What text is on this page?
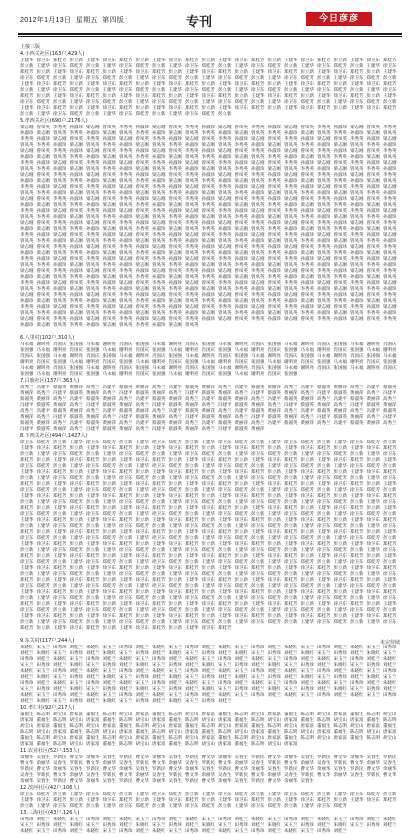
2012年1月13日 星期五 第四版	专刊	今日彦彦
上接三版
4.小西关社区(163户,429人)
王建华 徐卫东 郑桂芳 彭立新 王建华 徐卫东 郑桂芳 彭立新 王建华 徐卫东 郑桂芳 彭立新 王建华 徐卫东 郑桂芳 彭立新 王建华 徐卫东 郑桂芳 彭立新 王建华 徐卫东 郑桂芳彭立新 王建华 徐卫东 郑桂芳 彭立新 王建华 徐卫东 郑桂芳 彭立新 王建华 徐卫东 郑桂芳 彭立新 王建华 徐卫东 郑桂芳 彭立新 王建华 徐卫东 郑桂芳 彭立新 王建华 徐卫东郑桂芳 彭立新 王建华 徐卫东 郑桂芳 彭立新 王建华 徐卫东 郑桂芳 彭立新 王建华 徐卫东 郑桂芳 彭立新 王建华 徐卫东 郑桂芳 彭立新 王建华 徐卫东 郑桂芳 彭立新 王建华徐卫东 郑桂芳 彭立新 王建华 徐卫东 郑桂芳 彭立新 王建华 徐卫东 郑桂芳 彭立新 王建华 徐卫东 郑桂芳 彭立新 王建华 徐卫东 郑桂芳 彭立新 王建华 徐卫东 郑桂芳 彭立新王建华 徐卫东 郑桂芳 彭立新 王建华 徐卫东 郑桂芳 彭立新 王建华 徐卫东 郑桂芳 彭立新 王建华 徐卫东 郑桂芳 彭立新 王建华 徐卫东 郑桂芳 彭立新 王建华 徐卫东 郑桂芳彭立新 王建华 徐卫东 郑桂芳 彭立新 王建华 徐卫东 郑桂芳 彭立新 王建华 徐卫东 郑桂芳 彭立新 王建华 徐卫东 郑桂芳 彭立新 王建华 徐卫东 郑桂芳 彭立新 王建华 徐卫东郑桂芳 彭立新 王建华 徐卫东 郑桂芳 彭立新 王建华 徐卫东 郑桂芳 彭立新 王建华 徐卫东 郑桂芳 彭立新 王建华 徐卫东 郑桂芳 彭立新 王建华 徐卫东 郑桂芳 彭立新 王建华徐卫东 郑桂芳 彭立新 王建华 徐卫东 郑桂芳 彭立新 王建华 徐卫东 郑桂芳 彭立新 王建华 徐卫东 郑桂芳 彭立新 王建华 徐卫东 郑桂芳 彭立新 王建华 徐卫东 郑桂芳 彭立新王建华 徐卫东 郑桂芳 彭立新 王建华 徐卫东 郑桂芳 彭立新 王建华 徐卫东 郑桂芳 彭立新 王建华 徐卫东 郑桂芳 彭立新 王建华 徐卫东 郑桂芳 彭立新 王建华 徐卫东 郑桂芳彭立新 王建华 徐卫东 郑桂芳 彭立新 王建华 徐卫东 郑桂芳 彭立新 王建华 徐卫东 郑桂芳 彭立新
5.孝西关社区(690户,2176人)
梁志刚 曾凤英 李秀英 孙淑珍 梁志刚 曾凤英 李秀英 孙淑珍 梁志刚 曾凤英 李秀英 孙淑珍 梁志刚 曾凤英 李秀英 孙淑珍 梁志刚 曾凤英 李秀英 孙淑珍 梁志刚 曾凤英 李秀英孙淑珍 梁志刚 曾凤英 李秀英 孙淑珍 梁志刚 曾凤英 李秀英 孙淑珍 梁志刚 曾凤英 李秀英 孙淑珍 梁志刚 曾凤英 李秀英 孙淑珍 梁志刚 曾凤英 李秀英 孙淑珍 梁志刚 曾凤英李秀英 孙淑珍 梁志刚 曾凤英 李秀英 孙淑珍 梁志刚 曾凤英 李秀英 孙淑珍 梁志刚 曾凤英 李秀英 孙淑珍 梁志刚 曾凤英 李秀英 孙淑珍 梁志刚 曾凤英 李秀英 孙淑珍 梁志刚曾凤英 李秀英 孙淑珍 梁志刚 曾凤英 李秀英 孙淑珍 梁志刚 曾凤英 李秀英 孙淑珍 梁志刚 曾凤英 李秀英 孙淑珍 梁志刚 曾凤英 李秀英 孙淑珍 梁志刚 曾凤英 李秀英 孙淑珍梁志刚 曾凤英 李秀英 孙淑珍 梁志刚 曾凤英 李秀英 孙淑珍 梁志刚 曾凤英 李秀英 孙淑珍 梁志刚 曾凤英 李秀英 孙淑珍 梁志刚 曾凤英 李秀英 孙淑珍 梁志刚 曾凤英 李秀英孙淑珍 梁志刚 曾凤英 李秀英 孙淑珍 梁志刚 曾凤英 李秀英 孙淑珍 梁志刚 曾凤英 李秀英 孙淑珍 梁志刚 曾凤英 李秀英 孙淑珍 梁志刚 曾凤英 李秀英 孙淑珍 梁志刚 曾凤英李秀英 孙淑珍 梁志刚 曾凤英 李秀英 孙淑珍 梁志刚 曾凤英 李秀英 孙淑珍 梁志刚 曾凤英 李秀英 孙淑珍 梁志刚 曾凤英 李秀英 孙淑珍 梁志刚 曾凤英 李秀英 孙淑珍 梁志刚曾凤英 李秀英 孙淑珍 梁志刚 曾凤英 李秀英 孙淑珍 梁志刚 曾凤英 李秀英 孙淑珍 梁志刚 曾凤英 李秀英 孙淑珍 梁志刚 曾凤英 李秀英 孙淑珍 梁志刚 曾凤英 李秀英 孙淑珍梁志刚 曾凤英 李秀英 孙淑珍 梁志刚 曾凤英 李秀英 孙淑珍 梁志刚 曾凤英 李秀英 孙淑珍 梁志刚 曾凤英 李秀英 孙淑珍 梁志刚 曾凤英 李秀英 孙淑珍 梁志刚 曾凤英 李秀英孙淑珍 梁志刚 曾凤英 李秀英 孙淑珍 梁志刚 曾凤英 李秀英 孙淑珍 梁志刚 曾凤英 李秀英 孙淑珍 梁志刚 曾凤英 李秀英 孙淑珍 梁志刚 曾凤英 李秀英 孙淑珍 梁志刚 曾凤英李秀英 孙淑珍 梁志刚 曾凤英 李秀英 孙淑珍 梁志刚 曾凤英 李秀英 孙淑珍 梁志刚 曾凤英 李秀英 孙淑珍 梁志刚 曾凤英 李秀英 孙淑珍 梁志刚 曾凤英 李秀英 孙淑珍 梁志刚曾凤英 李秀英 孙淑珍 梁志刚 曾凤英 李秀英 孙淑珍 梁志刚 曾凤英 李秀英 孙淑珍 梁志刚 曾凤英 李秀英 孙淑珍 梁志刚 曾凤英 李秀英 孙淑珍 梁志刚 曾凤英 李秀英 孙淑珍梁志刚 曾凤英 李秀英 孙淑珍 梁志刚 曾凤英 李秀英 孙淑珍 梁志刚 曾凤英 李秀英 孙淑珍 梁志刚 曾凤英 李秀英 孙淑珍 梁志刚 曾凤英 李秀英 孙淑珍 梁志刚 曾凤英 李秀英孙淑珍 梁志刚 曾凤英 李秀英 孙淑珍 梁志刚 曾凤英 李秀英 孙淑珍 梁志刚 曾凤英 李秀英 孙淑珍 梁志刚 曾凤英 李秀英 孙淑珍 梁志刚 曾凤英 李秀英 孙淑珍 梁志刚 曾凤英李秀英 孙淑珍 梁志刚 曾凤英 李秀英 孙淑珍 梁志刚 曾凤英 李秀英 孙淑珍 梁志刚 曾凤英 李秀英 孙淑珍 梁志刚 曾凤英 李秀英 孙淑珍 梁志刚 曾凤英 李秀英 孙淑珍 梁志刚曾凤英 李秀英 孙淑珍 梁志刚 曾凤英 李秀英 孙淑珍 梁志刚 曾凤英 李秀英 孙淑珍 梁志刚 曾凤英 李秀英 孙淑珍 梁志刚 曾凤英 李秀英 孙淑珍 梁志刚 曾凤英 李秀英 孙淑珍梁志刚 曾凤英 李秀英 孙淑珍 梁志刚 曾凤英 李秀英 孙淑珍 梁志刚 曾凤英 李秀英 孙淑珍 梁志刚 曾凤英 李秀英 孙淑珍 梁志刚 曾凤英 李秀英 孙淑珍 梁志刚 曾凤英 李秀英孙淑珍 梁志刚 曾凤英 李秀英 孙淑珍 梁志刚 曾凤英 李秀英 孙淑珍 梁志刚 曾凤英 李秀英 孙淑珍 梁志刚 曾凤英 李秀英 孙淑珍 梁志刚 曾凤英 李秀英 孙淑珍 梁志刚 曾凤英李秀英 孙淑珍 梁志刚 曾凤英 李秀英 孙淑珍 梁志刚 曾凤英 李秀英 孙淑珍 梁志刚 曾凤英 李秀英 孙淑珍 梁志刚 曾凤英 李秀英 孙淑珍 梁志刚 曾凤英 李秀英 孙淑珍 梁志刚曾凤英 李秀英 孙淑珍 梁志刚 曾凤英 李秀英 孙淑珍 梁志刚 曾凤英 李秀英 孙淑珍 梁志刚 曾凤英 李秀英 孙淑珍 梁志刚 曾凤英 李秀英 孙淑珍 梁志刚 曾凤英 李秀英 孙淑珍梁志刚 曾凤英 李秀英 孙淑珍 梁志刚 曾凤英 李秀英 孙淑珍 梁志刚 曾凤英 李秀英 孙淑珍 梁志刚 曾凤英 李秀英 孙淑珍 梁志刚 曾凤英 李秀英 孙淑珍 梁志刚 曾凤英 李秀英孙淑珍 梁志刚 曾凤英 李秀英 孙淑珍 梁志刚 曾凤英 李秀英 孙淑珍 梁志刚 曾凤英 李秀英 孙淑珍 梁志刚 曾凤英 李秀英 孙淑珍 梁志刚 曾凤英 李秀英 孙淑珍 梁志刚 曾凤英李秀英 孙淑珍 梁志刚 曾凤英 李秀英 孙淑珍 梁志刚 曾凤英 李秀英 孙淑珍 梁志刚 曾凤英 李秀英 孙淑珍 梁志刚 曾凤英 李秀英 孙淑珍 梁志刚 曾凤英 李秀英 孙淑珍 梁志刚曾凤英 李秀英 孙淑珍 梁志刚 曾凤英 李秀英 孙淑珍 梁志刚 曾凤英 李秀英 孙淑珍 梁志刚 曾凤英 李秀英 孙淑珍 梁志刚 曾凤英 李秀英 孙淑珍 梁志刚 曾凤英 李秀英 孙淑珍梁志刚 曾凤英 李秀英 孙淑珍 梁志刚 曾凤英 李秀英 孙淑珍 梁志刚 曾凤英 李秀英 孙淑珍 梁志刚 曾凤英 李秀英 孙淑珍 梁志刚 曾凤英 李秀英 孙淑珍 梁志刚 曾凤英 李秀英孙淑珍 梁志刚 曾凤英 李秀英 孙淑珍 梁志刚 曾凤英 李秀英 孙淑珍 梁志刚 曾凤英 李秀英 孙淑珍 梁志刚 曾凤英 李秀英 孙淑珍 梁志刚 曾凤英 李秀英 孙淑珍 梁志刚 曾凤英李秀英 孙淑珍 梁志刚 曾凤英 李秀英 孙淑珍 梁志刚 曾凤英 李秀英 孙淑珍 梁志刚 曾凤英 李秀英 孙淑珍 梁志刚 曾凤英 李秀英 孙淑珍 梁志刚 曾凤英 李秀英 孙淑珍 梁志刚曾凤英 李秀英 孙淑珍 梁志刚 曾凤英 李秀英 孙淑珍 梁志刚 曾凤英 李秀英 孙淑珍 梁志刚 曾凤英 李秀英 孙淑珍 梁志刚 曾凤英 李秀英 孙淑珍 梁志刚 曾凤英 李秀英 孙淑珍梁志刚 曾凤英 李秀英 孙淑珍 梁志刚 曾凤英 李秀英 孙淑珍 梁志刚 曾凤英 李秀英 孙淑珍 梁志刚 曾凤英 李秀英 孙淑珍 梁志刚 曾凤英 李秀英 孙淑珍 梁志刚 曾凤英 李秀英孙淑珍 梁志刚 曾凤英 李秀英 孙淑珍 梁志刚 曾凤英 李秀英 孙淑珍 梁志刚 曾凤英 李秀英 孙淑珍 梁志刚 曾凤英 李秀英 孙淑珍 梁志刚 曾凤英 李秀英 孙淑珍 梁志刚 曾凤英李秀英 孙淑珍 梁志刚 曾凤英 李秀英 孙淑珍 梁志刚 曾凤英 李秀英 孙淑珍 梁志刚 曾凤英 李秀英 孙淑珍 梁志刚 曾凤英 李秀英 孙淑珍 梁志刚 曾凤英 李秀英 孙淑珍 梁志刚曾凤英 李秀英 孙淑珍 梁志刚 曾凤英 李秀英 孙淑珍 梁志刚 曾凤英 李秀英 孙淑珍 梁志刚 曾凤英 李秀英 孙淑珍 梁志刚 曾凤英 李秀英 孙淑珍 梁志刚 曾凤英 李秀英 孙淑珍梁志刚 曾凤英 李秀英 孙淑珍 梁志刚 曾凤英 李秀英 孙淑珍 梁志刚 曾凤英 李秀英 孙淑珍 梁志刚 曾凤英 李秀英 孙淑珍 梁志刚 曾凤英 李秀英 孙淑珍 梁志刚 曾凤英 李秀英孙淑珍 梁志刚 曾凤英 李秀英 孙淑珍 梁志刚 曾凤英 李秀英 孙淑珍 梁志刚 曾凤英
6.八里村(102户,310人)
马永福 谢明亮 肖国庆 张国强 马永福 谢明亮 肖国庆 张国强 马永福 谢明亮 肖国庆 张国强 马永福 谢明亮 肖国庆 张国强 马永福 谢明亮 肖国庆 张国强 马永福 谢明亮 肖国庆张国强 马永福 谢明亮 肖国庆 张国强 马永福 谢明亮 肖国庆 张国强 马永福 谢明亮 肖国庆 张国强 马永福 谢明亮 肖国庆 张国强 马永福 谢明亮 肖国庆 张国强 马永福 谢明亮肖国庆 张国强 马永福 谢明亮 肖国庆 张国强 马永福 谢明亮 肖国庆 张国强 马永福 谢明亮 肖国庆 张国强 马永福 谢明亮 肖国庆 张国强 马永福 谢明亮 肖国庆 张国强 马永福谢明亮 肖国庆 张国强 马永福 谢明亮 肖国庆 张国强 马永福 谢明亮 肖国庆 张国强 马永福 谢明亮 肖国庆 张国强 马永福 谢明亮 肖国庆 张国强 马永福 谢明亮 肖国庆 张国强马永福 谢明亮 肖国庆 张国强 马永福 谢明亮 肖国庆 张国强 马永福 谢明亮 肖国庆 张国强 马永福 谢明亮 肖国庆 张国强 马永福 谢明亮 肖国庆 张国强 马永福 谢明亮 肖国庆张国强 马永福 谢明亮 肖国庆 张国强 马永福 谢明亮 肖国庆 张国强 马永福 谢明亮 肖国庆 张国强 马永福 谢明亮 肖国庆 张国强
7.白鹿社区(137户,363人)
高秀兰 冯建平 蔡淑英 黄丽萍 高秀兰 冯建平 蔡淑英 黄丽萍 高秀兰 冯建平 蔡淑英 黄丽萍 高秀兰 冯建平 蔡淑英 黄丽萍 高秀兰 冯建平 蔡淑英 黄丽萍 高秀兰 冯建平 蔡淑英黄丽萍 高秀兰 冯建平 蔡淑英 黄丽萍 高秀兰 冯建平 蔡淑英 黄丽萍 高秀兰 冯建平 蔡淑英 黄丽萍 高秀兰 冯建平 蔡淑英 黄丽萍 高秀兰 冯建平 蔡淑英 黄丽萍 高秀兰 冯建平蔡淑英 黄丽萍 高秀兰 冯建平 蔡淑英 黄丽萍 高秀兰 冯建平 蔡淑英 黄丽萍 高秀兰 冯建平 蔡淑英 黄丽萍 高秀兰 冯建平 蔡淑英 黄丽萍 高秀兰 冯建平 蔡淑英 黄丽萍 高秀兰冯建平 蔡淑英 黄丽萍 高秀兰 冯建平 蔡淑英 黄丽萍 高秀兰 冯建平 蔡淑英 黄丽萍 高秀兰 冯建平 蔡淑英 黄丽萍 高秀兰 冯建平 蔡淑英 黄丽萍 高秀兰 冯建平 蔡淑英 黄丽萍高秀兰 冯建平 蔡淑英 黄丽萍 高秀兰 冯建平 蔡淑英 黄丽萍 高秀兰 冯建平 蔡淑英 黄丽萍 高秀兰 冯建平 蔡淑英 黄丽萍 高秀兰 冯建平 蔡淑英 黄丽萍 高秀兰 冯建平 蔡淑英黄丽萍 高秀兰 冯建平 蔡淑英 黄丽萍 高秀兰 冯建平 蔡淑英 黄丽萍 高秀兰 冯建平 蔡淑英 黄丽萍 高秀兰 冯建平 蔡淑英 黄丽萍 高秀兰 冯建平 蔡淑英 黄丽萍 高秀兰 冯建平蔡淑英 黄丽萍 高秀兰 冯建平 蔡淑英 黄丽萍 高秀兰 冯建平 蔡淑英 黄丽萍 高秀兰 冯建平 蔡淑英 黄丽萍 高秀兰 冯建平 蔡淑英 黄丽萍 高秀兰 冯建平 蔡淑英 黄丽萍 高秀兰冯建平 蔡淑英 黄丽萍 高秀兰 冯建平 蔡淑英 黄丽萍 高秀兰 冯建平 蔡淑英 黄丽萍 高秀兰 冯建平 蔡淑英 黄丽萍
8.下西关社区(494户,1427人)
徐卫东 郑桂芳 彭立新 王建华 徐卫东 郑桂芳 彭立新 王建华 徐卫东 郑桂芳 彭立新 王建华 徐卫东 郑桂芳 彭立新 王建华 徐卫东 郑桂芳 彭立新 王建华 徐卫东 郑桂芳 彭立新王建华 徐卫东 郑桂芳 彭立新 王建华 徐卫东 郑桂芳 彭立新 王建华 徐卫东 郑桂芳 彭立新 王建华 徐卫东 郑桂芳 彭立新 王建华 徐卫东 郑桂芳 彭立新 王建华 徐卫东 郑桂芳彭立新 王建华 徐卫东 郑桂芳 彭立新 王建华 徐卫东 郑桂芳 彭立新 王建华 徐卫东 郑桂芳 彭立新 王建华 徐卫东 郑桂芳 彭立新 王建华 徐卫东 郑桂芳 彭立新 王建华 徐卫东郑桂芳 彭立新 王建华 徐卫东 郑桂芳 彭立新 王建华 徐卫东 郑桂芳 彭立新 王建华 徐卫东 郑桂芳 彭立新 王建华 徐卫东 郑桂芳 彭立新 王建华 徐卫东 郑桂芳 彭立新 王建华徐卫东 郑桂芳 彭立新 王建华 徐卫东 郑桂芳 彭立新 王建华 徐卫东 郑桂芳 彭立新 王建华 徐卫东 郑桂芳 彭立新 王建华 徐卫东 郑桂芳 彭立新 王建华 徐卫东 郑桂芳 彭立新王建华 徐卫东 郑桂芳 彭立新 王建华 徐卫东 郑桂芳 彭立新 王建华 徐卫东 郑桂芳 彭立新 王建华 徐卫东 郑桂芳 彭立新 王建华 徐卫东 郑桂芳 彭立新 王建华 徐卫东 郑桂芳彭立新 王建华 徐卫东 郑桂芳 彭立新 王建华 徐卫东 郑桂芳 彭立新 王建华 徐卫东 郑桂芳 彭立新 王建华 徐卫东 郑桂芳 彭立新 王建华 徐卫东 郑桂芳 彭立新 王建华 徐卫东郑桂芳 彭立新 王建华 徐卫东 郑桂芳 彭立新 王建华 徐卫东 郑桂芳 彭立新 王建华 徐卫东 郑桂芳 彭立新 王建华 徐卫东 郑桂芳 彭立新 王建华 徐卫东 郑桂芳 彭立新 王建华徐卫东 郑桂芳 彭立新 王建华 徐卫东 郑桂芳 彭立新 王建华 徐卫东 郑桂芳 彭立新 王建华 徐卫东 郑桂芳 彭立新 王建华 徐卫东 郑桂芳 彭立新 王建华 徐卫东 郑桂芳 彭立新王建华 徐卫东 郑桂芳 彭立新 王建华 徐卫东 郑桂芳 彭立新 王建华 徐卫东 郑桂芳 彭立新 王建华 徐卫东 郑桂芳 彭立新 王建华 徐卫东 郑桂芳 彭立新 王建华 徐卫东 郑桂芳彭立新 王建华 徐卫东 郑桂芳 彭立新 王建华 徐卫东 郑桂芳 彭立新 王建华 徐卫东 郑桂芳 彭立新 王建华 徐卫东 郑桂芳 彭立新 王建华 徐卫东 郑桂芳 彭立新 王建华 徐卫东郑桂芳 彭立新 王建华 徐卫东 郑桂芳 彭立新 王建华 徐卫东 郑桂芳 彭立新 王建华 徐卫东 郑桂芳 彭立新 王建华 徐卫东 郑桂芳 彭立新 王建华 徐卫东 郑桂芳 彭立新 王建华徐卫东 郑桂芳 彭立新 王建华 徐卫东 郑桂芳 彭立新 王建华 徐卫东 郑桂芳 彭立新 王建华 徐卫东 郑桂芳 彭立新 王建华 徐卫东 郑桂芳 彭立新 王建华 徐卫东 郑桂芳 彭立新王建华 徐卫东 郑桂芳 彭立新 王建华 徐卫东 郑桂芳 彭立新 王建华 徐卫东 郑桂芳 彭立新 王建华 徐卫东 郑桂芳 彭立新 王建华 徐卫东 郑桂芳 彭立新 王建华 徐卫东 郑桂芳彭立新 王建华 徐卫东 郑桂芳 彭立新 王建华 徐卫东 郑桂芳 彭立新 王建华 徐卫东 郑桂芳 彭立新 王建华 徐卫东 郑桂芳 彭立新 王建华 徐卫东 郑桂芳 彭立新 王建华 徐卫东郑桂芳 彭立新 王建华 徐卫东 郑桂芳 彭立新 王建华 徐卫东 郑桂芳 彭立新 王建华 徐卫东 郑桂芳 彭立新 王建华 徐卫东 郑桂芳 彭立新 王建华 徐卫东 郑桂芳 彭立新 王建华徐卫东 郑桂芳 彭立新 王建华 徐卫东 郑桂芳 彭立新 王建华 徐卫东 郑桂芳 彭立新 王建华 徐卫东 郑桂芳 彭立新 王建华 徐卫东 郑桂芳 彭立新 王建华 徐卫东 郑桂芳 彭立新王建华 徐卫东 郑桂芳 彭立新 王建华 徐卫东 郑桂芳 彭立新 王建华 徐卫东 郑桂芳 彭立新 王建华 徐卫东 郑桂芳 彭立新 王建华 徐卫东 郑桂芳 彭立新 王建华 徐卫东 郑桂芳彭立新 王建华 徐卫东 郑桂芳 彭立新 王建华 徐卫东 郑桂芳 彭立新 王建华 徐卫东 郑桂芳 彭立新 王建华 徐卫东 郑桂芳 彭立新 王建华 徐卫东 郑桂芳 彭立新 王建华 徐卫东郑桂芳 彭立新 王建华 徐卫东 郑桂芳 彭立新 王建华 徐卫东 郑桂芳 彭立新 王建华 徐卫东 郑桂芳 彭立新 王建华 徐卫东 郑桂芳 彭立新 王建华 徐卫东 郑桂芳 彭立新 王建华徐卫东 郑桂芳 彭立新 王建华 徐卫东 郑桂芳 彭立新 王建华 徐卫东 郑桂芳 彭立新 王建华 徐卫东 郑桂芳 彭立新 王建华 徐卫东 郑桂芳 彭立新 王建华 徐卫东 郑桂芳 彭立新王建华 徐卫东 郑桂芳 彭立新 王建华 徐卫东 郑桂芳 彭立新 王建华 徐卫东 郑桂芳 彭立新 王建华 徐卫东 郑桂芳 彭立新 王建华 徐卫东 郑桂芳 彭立新 王建华 徐卫东 郑桂芳彭立新 王建华 徐卫东 郑桂芳 彭立新 王建华 徐卫东 郑桂芳 彭立新 王建华 徐卫东 郑桂芳 彭立新 王建华 徐卫东 郑桂芳 彭立新 王建华 徐卫东 郑桂芳 彭立新 王建华 徐卫东郑桂芳 彭立新 王建华 徐卫东 郑桂芳 彭立新 王建华 徐卫东 郑桂芳 彭立新 王建华 徐卫东 郑桂芳 彭立新 王建华 徐卫东 郑桂芳 彭立新 王建华 徐卫东 郑桂芳 彭立新 王建华徐卫东 郑桂芳 彭立新 王建华 徐卫东 郑桂芳 彭立新 王建华 徐卫东 郑桂芳 彭立新 王建华 徐卫东 郑桂芳 彭立新 王建华 徐卫东 郑桂芳 彭立新 王建华 徐卫东 郑桂芳 彭立新王建华 徐卫东 郑桂芳 彭立新 王建华 徐卫东 郑桂芳 彭立新 王建华 徐卫东 郑桂芳 彭立新 王建华 徐卫东 郑桂芳 彭立新 王建华 徐卫东 郑桂芳 彭立新 王建华 徐卫东 郑桂芳彭立新 王建华 徐卫东 郑桂芳 彭立新 王建华 徐卫东 郑桂芳 彭立新 王建华 徐卫东 郑桂芳 彭立新 王建华 徐卫东 郑桂芳 彭立新 王建华 徐卫东 郑桂芳 彭立新 王建华 徐卫东郑桂芳 彭立新 王建华 徐卫东 郑桂芳 彭立新 王建华 徐卫东 郑桂芳 彭立新 王建华 徐卫东 郑桂芳 彭立新 王建华 徐卫东 郑桂芳 彭立新 王建华 徐卫东 郑桂芳 彭立新 王建华徐卫东 郑桂芳 彭立新 王建华 徐卫东 郑桂芳 彭立新 王建华 徐卫东 郑桂芳 彭立新 王建华 徐卫东 郑桂芳 彭立新 王建华 徐卫东 郑桂芳 彭立新 王建华 徐卫东 郑桂芳 彭立新王建华 徐卫东 郑桂芳 彭立新 王建华 徐卫东 郑桂芳 彭立新 王建华 徐卫东 郑桂芳 彭立新 王建华 徐卫东 郑桂芳 彭立新 王建华 徐卫东 郑桂芳 彭立新 王建华 徐卫东 郑桂芳彭立新 王建华 徐卫东 郑桂芳 彭立新 王建华 徐卫东 郑桂芳 彭立新 王建华 徐卫东 郑桂芳 彭立新 王建华 徐卫东 郑桂芳 彭立新 王建华 徐卫东 郑桂芳 彭立新 王建华 徐卫东郑桂芳 彭立新 王建华 徐卫东 郑桂芳 彭立新 王建华 徐卫东 郑桂芳 彭立新 王建华 徐卫东 郑桂芳
9.东关村(117户,244人)
朱晓红 宋玉兰 田秀珍 刘桂兰 朱晓红 宋玉兰 田秀珍 刘桂兰 朱晓红 宋玉兰 田秀珍 刘桂兰 朱晓红 宋玉兰 田秀珍 刘桂兰 朱晓红 宋玉兰 田秀珍 刘桂兰 朱晓红 宋玉兰 田秀珍刘桂兰 朱晓红 宋玉兰 田秀珍 刘桂兰 朱晓红 宋玉兰 田秀珍 刘桂兰 朱晓红 宋玉兰 田秀珍 刘桂兰 朱晓红 宋玉兰 田秀珍 刘桂兰 朱晓红 宋玉兰 田秀珍 刘桂兰 朱晓红 宋玉兰田秀珍 刘桂兰 朱晓红 宋玉兰 田秀珍 刘桂兰 朱晓红 宋玉兰 田秀珍 刘桂兰 朱晓红 宋玉兰 田秀珍 刘桂兰 朱晓红 宋玉兰 田秀珍 刘桂兰 朱晓红 宋玉兰 田秀珍 刘桂兰 朱晓红宋玉兰 田秀珍 刘桂兰 朱晓红 宋玉兰 田秀珍 刘桂兰 朱晓红 宋玉兰 田秀珍 刘桂兰 朱晓红 宋玉兰 田秀珍 刘桂兰 朱晓红 宋玉兰 田秀珍 刘桂兰 朱晓红 宋玉兰 田秀珍 刘桂兰朱晓红 宋玉兰 田秀珍 刘桂兰 朱晓红 宋玉兰 田秀珍 刘桂兰 朱晓红 宋玉兰 田秀珍 刘桂兰 朱晓红 宋玉兰 田秀珍 刘桂兰 朱晓红 宋玉兰 田秀珍 刘桂兰 朱晓红 宋玉兰 田秀珍刘桂兰 朱晓红 宋玉兰 田秀珍 刘桂兰 朱晓红 宋玉兰 田秀珍 刘桂兰 朱晓红 宋玉兰 田秀珍 刘桂兰 朱晓红 宋玉兰 田秀珍 刘桂兰 朱晓红 宋玉兰 田秀珍 刘桂兰 朱晓红 宋玉兰田秀珍 刘桂兰 朱晓红 宋玉兰 田秀珍 刘桂兰 朱晓红 宋玉兰 田秀珍 刘桂兰 朱晓红 宋玉兰 田秀珍 刘桂兰 朱晓红 宋玉兰 田秀珍 刘桂兰 朱晓红 宋玉兰 田秀珍 刘桂兰 朱晓红宋玉兰 田秀珍 刘桂兰 朱晓红 宋玉兰 田秀珍 刘桂兰 朱晓红 宋玉兰 田秀珍 刘桂兰 朱晓红 宋玉兰 田秀珍 刘桂兰 朱晓红 宋玉兰 田秀珍 刘桂兰 朱晓红 宋玉兰 田秀珍 刘桂兰朱晓红 宋玉兰 田秀珍 刘桂兰 朱晓红 宋玉兰 田秀珍 刘桂兰 朱晓红 宋玉兰 田秀珍 刘桂兰 朱晓红 宋玉兰 田秀珍 刘桂兰 朱晓红 宋玉兰 田秀珍 刘桂兰 朱晓红 宋玉兰 田秀珍刘桂兰 朱晓红 宋玉兰 田秀珍 刘桂兰 朱晓红 宋玉兰 田秀珍 刘桂兰 朱晓红 宋玉兰 田秀珍 刘桂兰
10.孝仁村(92户,217人)
董福生 陈志明 胡宝山 唐家富 董福生 陈志明 胡宝山 唐家富 董福生 陈志明 胡宝山 唐家富 董福生 陈志明 胡宝山 唐家富 董福生 陈志明 胡宝山 唐家富 董福生 陈志明 胡宝山唐家富 董福生 陈志明 胡宝山 唐家富 董福生 陈志明 胡宝山 唐家富 董福生 陈志明 胡宝山 唐家富 董福生 陈志明 胡宝山 唐家富 董福生 陈志明 胡宝山 唐家富 董福生 陈志明胡宝山 唐家富 董福生 陈志明 胡宝山 唐家富 董福生 陈志明 胡宝山 唐家富 董福生 陈志明 胡宝山 唐家富 董福生 陈志明 胡宝山 唐家富 董福生 陈志明 胡宝山 唐家富 董福生陈志明 胡宝山 唐家富 董福生 陈志明 胡宝山 唐家富 董福生 陈志明 胡宝山 唐家富 董福生 陈志明 胡宝山 唐家富 董福生 陈志明 胡宝山 唐家富 董福生 陈志明 胡宝山 唐家富董福生 陈志明 胡宝山 唐家富 董福生 陈志明 胡宝山 唐家富 董福生 陈志明 胡宝山 唐家富 董福生 陈志明 胡宝山 唐家富 董福生 陈志明 胡宝山 唐家富 董福生 陈志明 胡宝山唐家富 董福生 陈志明 胡宝山 唐家富 董福生 陈志明 胡宝山 唐家富 董福生 陈志明 胡宝山 唐家富 董福生 陈志明 胡宝山 唐家富
11.农业社区(52户,153人)
余丽华 吴春生 罗新民 曹文华 余丽华 吴春生 罗新民 曹文华 余丽华 吴春生 罗新民 曹文华 余丽华 吴春生 罗新民 曹文华 余丽华 吴春生 罗新民 曹文华 余丽华 吴春生 罗新民曹文华 余丽华 吴春生 罗新民 曹文华 余丽华 吴春生 罗新民 曹文华 余丽华 吴春生 罗新民 曹文华 余丽华 吴春生 罗新民 曹文华 余丽华 吴春生 罗新民 曹文华 余丽华 吴春生罗新民 曹文华 余丽华 吴春生 罗新民 曹文华 余丽华 吴春生 罗新民 曹文华 余丽华 吴春生 罗新民 曹文华 余丽华 吴春生 罗新民 曹文华 余丽华 吴春生 罗新民 曹文华 余丽华吴春生 罗新民 曹文华 余丽华 吴春生 罗新民 曹文华 余丽华 吴春生 罗新民 曹文华 余丽华 吴春生 罗新民 曹文华 余丽华 吴春生 罗新民 曹文华 余丽华 吴春生 罗新民 曹文华余丽华 吴春生 罗新民 曹文华 余丽华 吴春生 罗新民 曹文华 余丽华 吴春生 罗新民 曹文华 余丽华 吴春生 罗新民 曹文华 余丽华 吴春生
12.滨河社区(42户,106人)
徐卫东 郑桂芳 彭立新 王建华 徐卫东 郑桂芳 彭立新 王建华 徐卫东 郑桂芳 彭立新 王建华 徐卫东 郑桂芳 彭立新 王建华 徐卫东 郑桂芳 彭立新 王建华 徐卫东 郑桂芳 彭立新王建华 徐卫东 郑桂芳 彭立新 王建华 徐卫东 郑桂芳 彭立新 王建华 徐卫东 郑桂芳 彭立新 王建华 徐卫东 郑桂芳 彭立新 王建华 徐卫东 郑桂芳 彭立新 王建华 徐卫东 郑桂芳彭立新 王建华 徐卫东 郑桂芳 彭立新 王建华 徐卫东 郑桂芳 彭立新 王建华 徐卫东 郑桂芳 彭立新 王建华 徐卫东 郑桂芳 彭立新 王建华 徐卫东 郑桂芳
13.三海社区(43户,126人)
田秀珍 刘桂兰 朱晓红 宋玉兰 田秀珍 刘桂兰 朱晓红 宋玉兰 田秀珍 刘桂兰 朱晓红 宋玉兰 田秀珍 刘桂兰 朱晓红 宋玉兰 田秀珍 刘桂兰 朱晓红 宋玉兰 田秀珍 刘桂兰 朱晓红宋玉兰 田秀珍 刘桂兰 朱晓红 宋玉兰 田秀珍 刘桂兰 朱晓红 宋玉兰 田秀珍 刘桂兰 朱晓红 宋玉兰 田秀珍 刘桂兰 朱晓红 宋玉兰 田秀珍 刘桂兰 朱晓红 宋玉兰 田秀珍 刘桂兰朱晓红 宋玉兰 田秀珍 刘桂兰 朱晓红 宋玉兰 田秀珍 刘桂兰 朱晓红 宋玉兰 田秀珍 刘桂兰 朱晓红 宋玉兰 田秀珍 刘桂兰 朱晓红 宋玉兰 田秀珍 刘桂兰
未完待续
